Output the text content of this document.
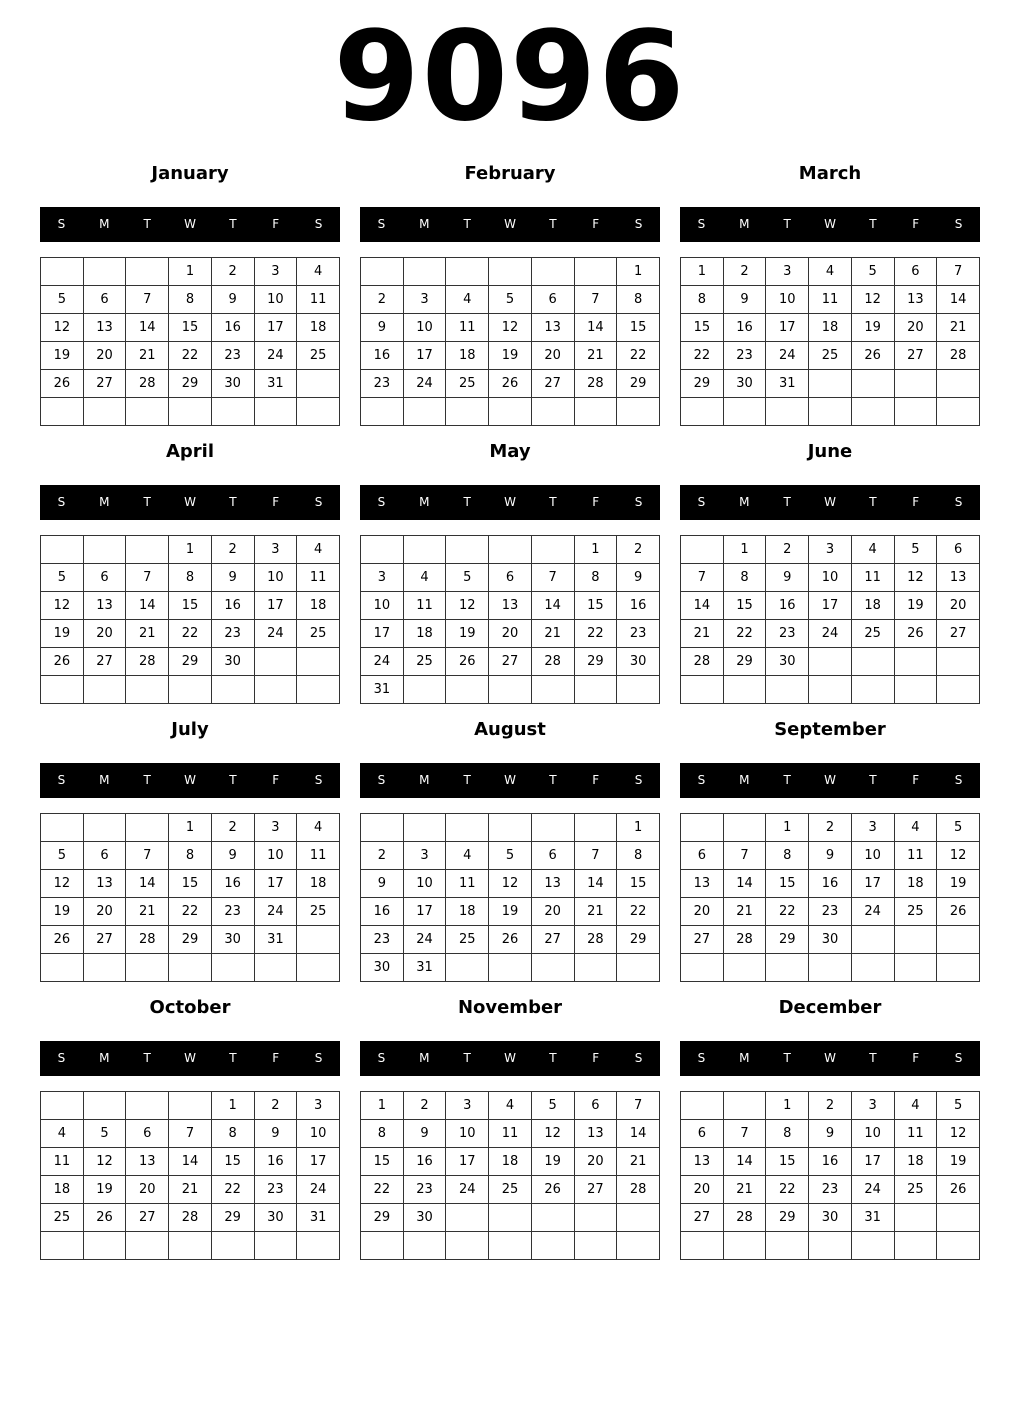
9096
January
S	M	T	W	T	F	S
			1	2	3	4
5	6	7	8	9	10	11
12	13	14	15	16	17	18
19	20	21	22	23	24	25
26	27	28	29	30	31	

February
S	M	T	W	T	F	S
						1
2	3	4	5	6	7	8
9	10	11	12	13	14	15
16	17	18	19	20	21	22
23	24	25	26	27	28	29

March
S	M	T	W	T	F	S
1	2	3	4	5	6	7
8	9	10	11	12	13	14
15	16	17	18	19	20	21
22	23	24	25	26	27	28
29	30	31				

April
S	M	T	W	T	F	S
			1	2	3	4
5	6	7	8	9	10	11
12	13	14	15	16	17	18
19	20	21	22	23	24	25
26	27	28	29	30		

May
S	M	T	W	T	F	S
					1	2
3	4	5	6	7	8	9
10	11	12	13	14	15	16
17	18	19	20	21	22	23
24	25	26	27	28	29	30
31						
June
S	M	T	W	T	F	S
	1	2	3	4	5	6
7	8	9	10	11	12	13
14	15	16	17	18	19	20
21	22	23	24	25	26	27
28	29	30				

July
S	M	T	W	T	F	S
			1	2	3	4
5	6	7	8	9	10	11
12	13	14	15	16	17	18
19	20	21	22	23	24	25
26	27	28	29	30	31	

August
S	M	T	W	T	F	S
						1
2	3	4	5	6	7	8
9	10	11	12	13	14	15
16	17	18	19	20	21	22
23	24	25	26	27	28	29
30	31					
September
S	M	T	W	T	F	S
		1	2	3	4	5
6	7	8	9	10	11	12
13	14	15	16	17	18	19
20	21	22	23	24	25	26
27	28	29	30			

October
S	M	T	W	T	F	S
				1	2	3
4	5	6	7	8	9	10
11	12	13	14	15	16	17
18	19	20	21	22	23	24
25	26	27	28	29	30	31

November
S	M	T	W	T	F	S
1	2	3	4	5	6	7
8	9	10	11	12	13	14
15	16	17	18	19	20	21
22	23	24	25	26	27	28
29	30					

December
S	M	T	W	T	F	S
		1	2	3	4	5
6	7	8	9	10	11	12
13	14	15	16	17	18	19
20	21	22	23	24	25	26
27	28	29	30	31		
